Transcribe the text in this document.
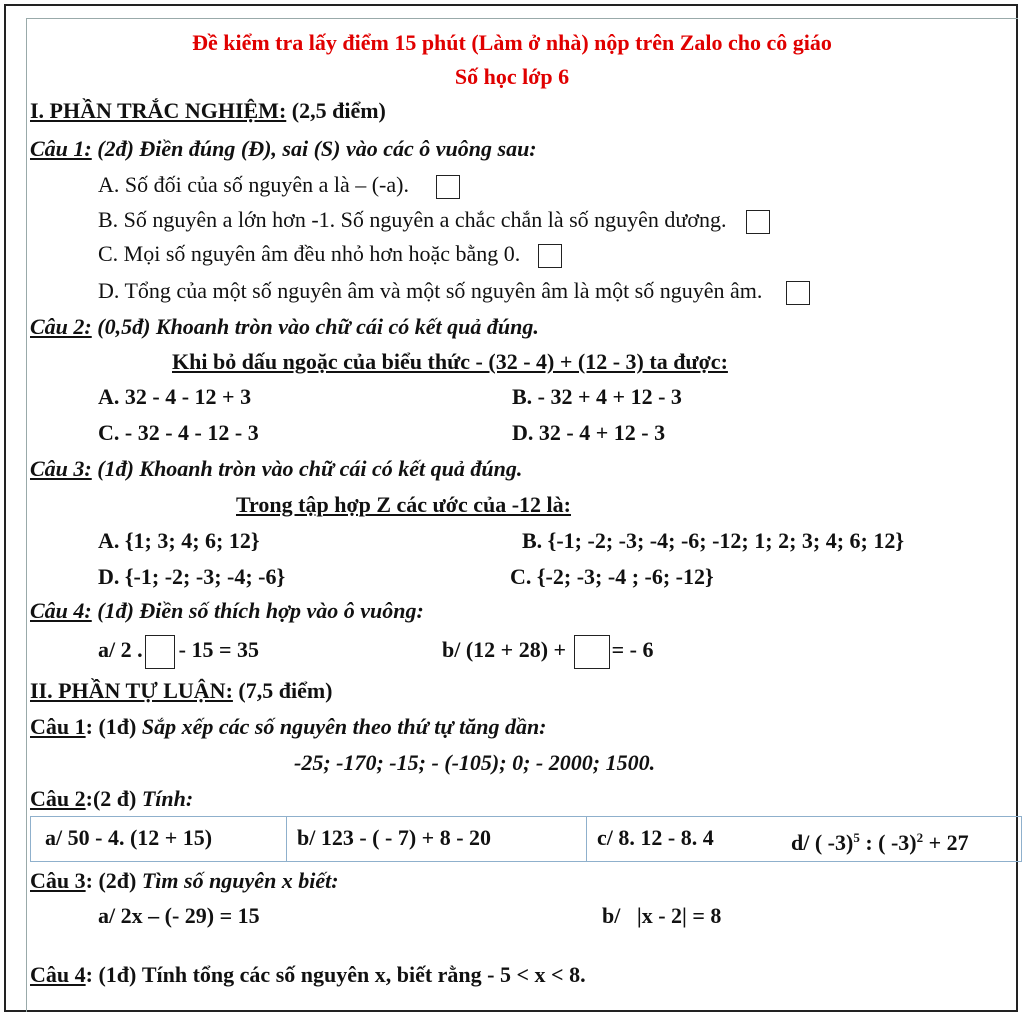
Đề kiểm tra lấy điểm 15 phút (Làm ở nhà) nộp trên Zalo cho cô giáo
Số học lớp 6
I. PHẦN TRẮC NGHIỆM: (2,5 điểm)
Câu 1: (2đ) Điền đúng (Đ), sai (S) vào các ô vuông sau:
A. Số đối của số nguyên a là – (-a).
B. Số nguyên a lớn hơn -1. Số nguyên a chắc chắn là số nguyên dương.
C. Mọi số nguyên âm đều nhỏ hơn hoặc bằng 0.
D. Tổng của một số nguyên âm và một số nguyên âm là một số nguyên âm.
Câu 2: (0,5đ) Khoanh tròn vào chữ cái có kết quả đúng.
Khi bỏ dấu ngoặc của biểu thức - (32 - 4) + (12 - 3) ta được:
A. 32 - 4 - 12 + 3	B. - 32 + 4 + 12 - 3
C. - 32 - 4 - 12 - 3	D. 32 - 4 + 12 - 3
Câu 3: (1đ) Khoanh tròn vào chữ cái có kết quả đúng.
Trong tập hợp Z các ước của -12 là:
A. {1; 3; 4; 6; 12}	B. {-1; -2; -3; -4; -6; -12; 1; 2; 3; 4; 6; 12}
D. {-1; -2; -3; -4; -6}	C. {-2; -3; -4 ; -6; -12}
Câu 4: (1đ) Điền số thích hợp vào ô vuông:
a/ 2 . - 15 = 35	b/ (12 + 28) + = - 6
II. PHẦN TỰ LUẬN: (7,5 điểm)
Câu 1: (1đ) Sắp xếp các số nguyên theo thứ tự tăng dần:
-25; -170; -15; - (-105); 0; - 2000; 1500.
Câu 2:(2 đ) Tính:
a/ 50 - 4. (12 + 15)	b/ 123 - ( - 7) + 8 - 20	c/ 8. 12 - 8. 4	d/ ( -3)$^5$ : ( -3)$^2$ + 27
Câu 3: (2đ) Tìm số nguyên x biết:
a/ 2x – (- 29) = 15	b/   |x - 2| = 8
Câu 4: (1đ) Tính tổng các số nguyên x, biết rằng - 5 < x < 8.
